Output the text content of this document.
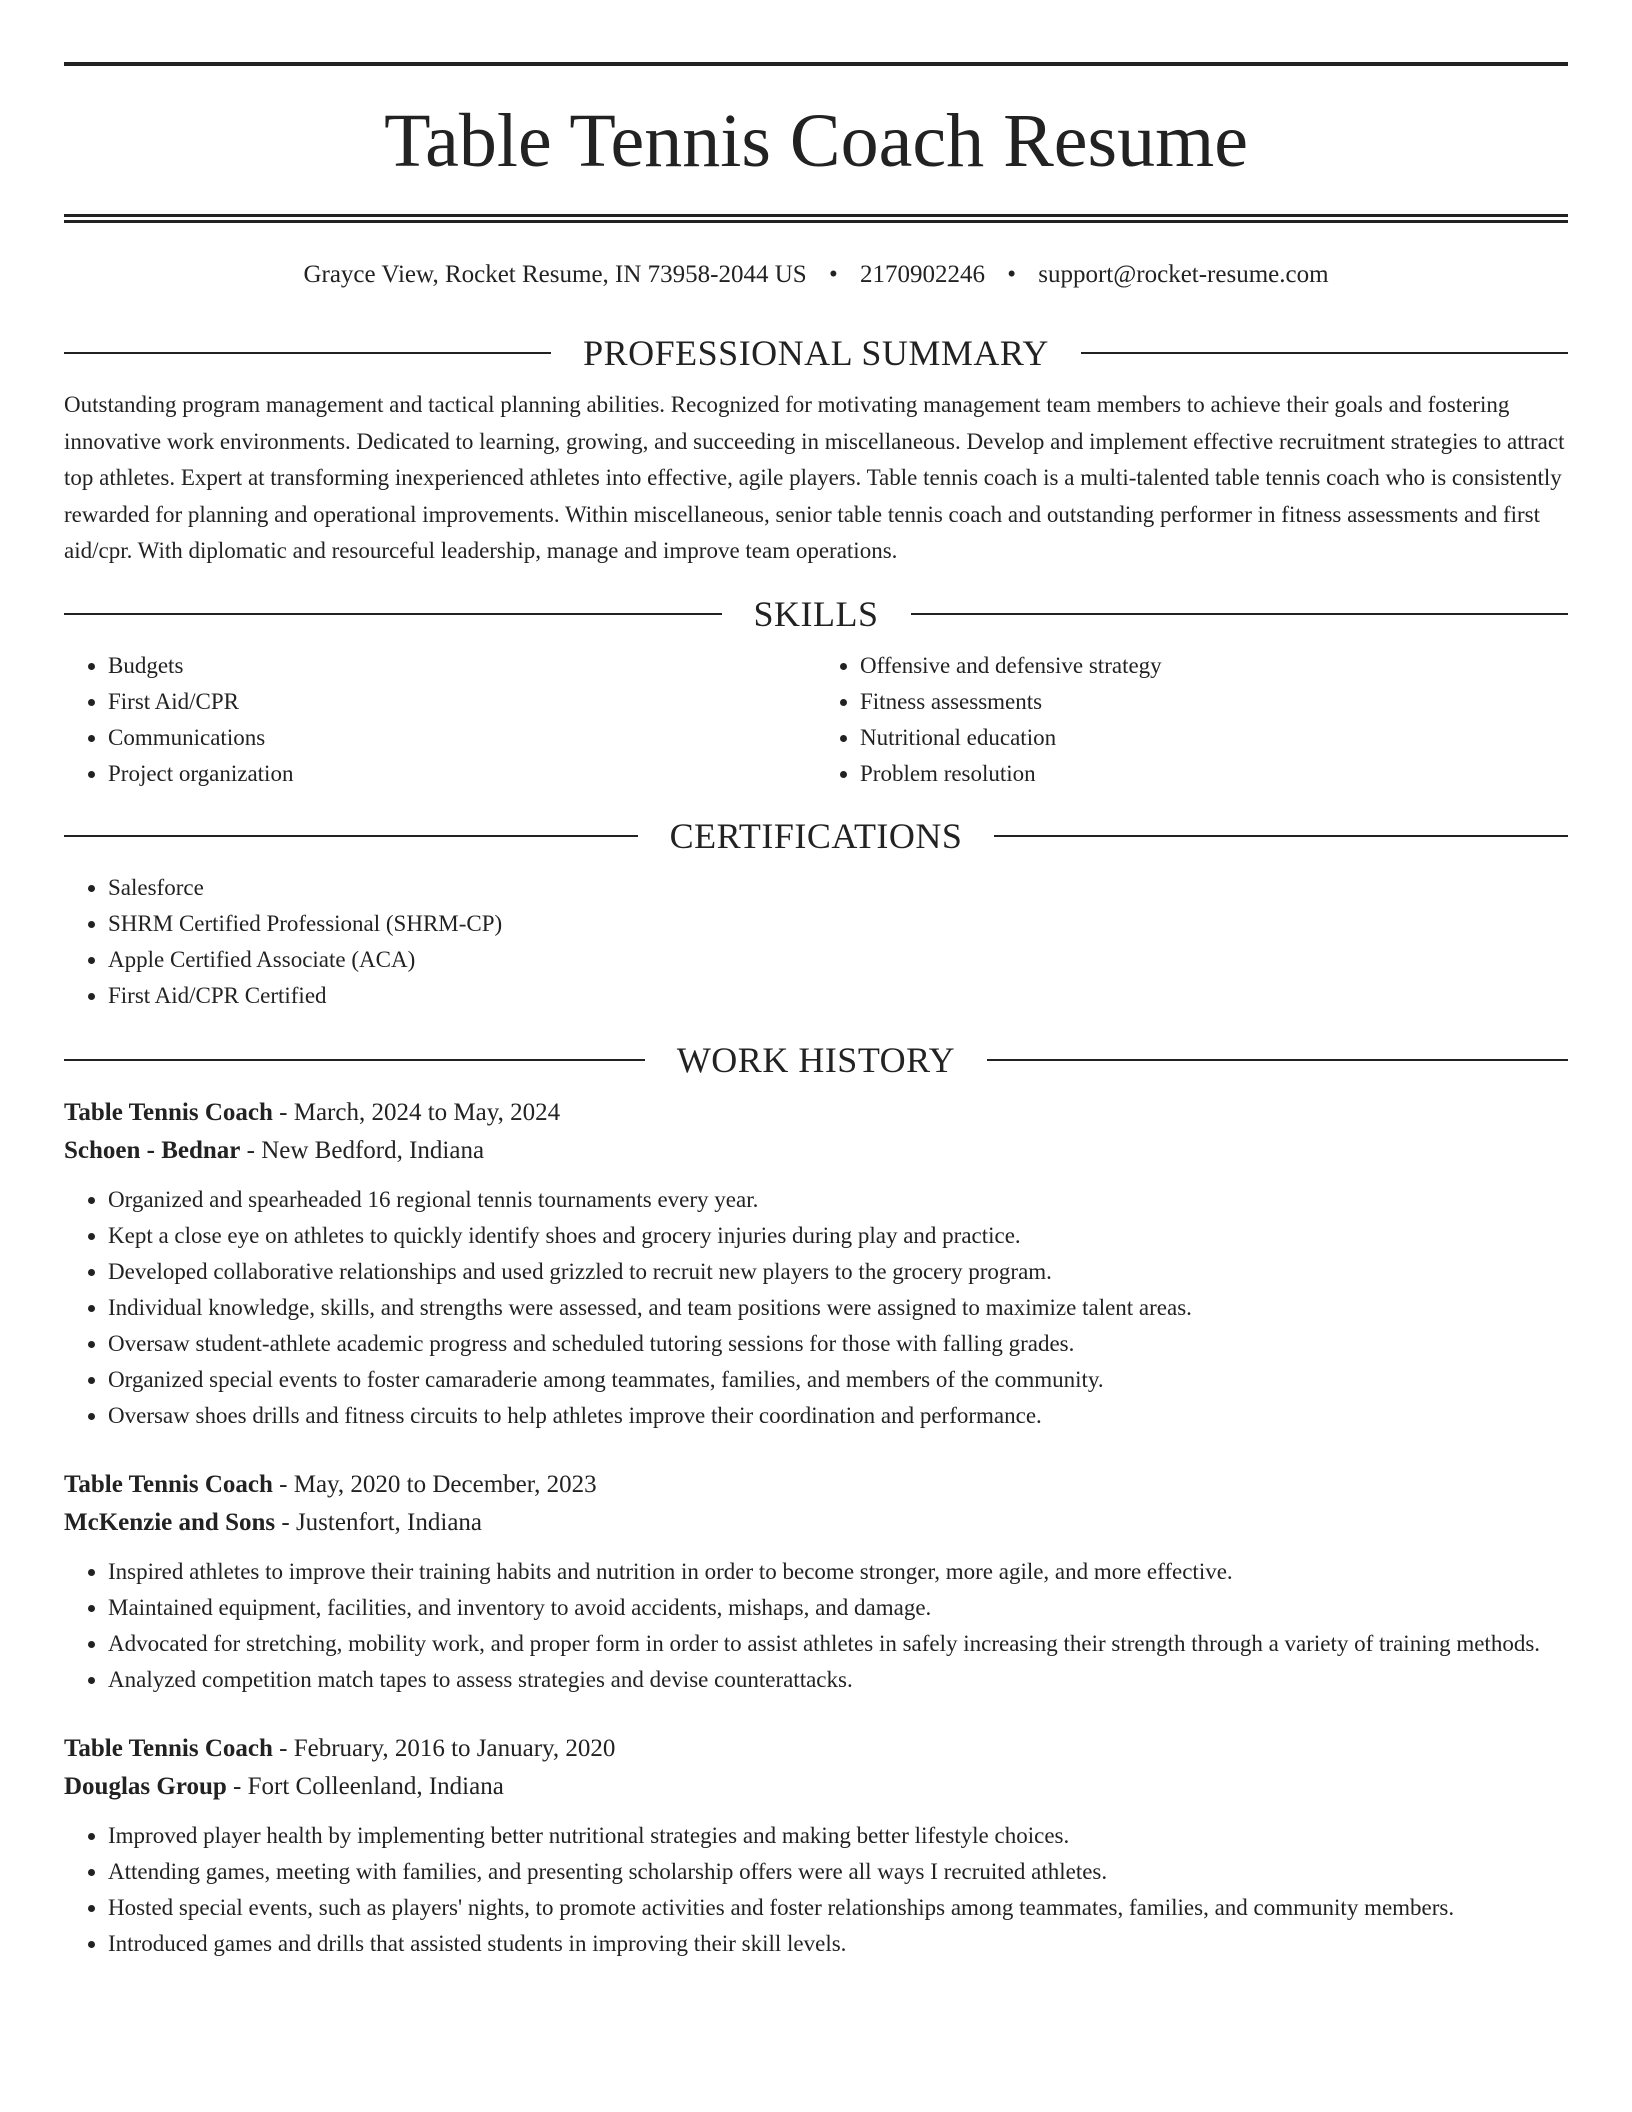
Table Tennis Coach Resume
Grayce View, Rocket Resume, IN 73958-2044 US • 2170902246 • support@rocket-resume.com
PROFESSIONAL SUMMARY

Outstanding program management and tactical planning abilities. Recognized for motivating management team members to achieve their goals and fostering innovative work environments. Dedicated to learning, growing, and succeeding in miscellaneous. Develop and implement effective recruitment strategies to attract top athletes. Expert at transforming inexperienced athletes into effective, agile players. Table tennis coach is a multi-talented table tennis coach who is consistently rewarded for planning and operational improvements. Within miscellaneous, senior table tennis coach and outstanding performer in fitness assessments and first aid/cpr. With diplomatic and resourceful leadership, manage and improve team operations.

SKILLS
• Budgets
• First Aid/CPR
• Communications
• Project organization
• Offensive and defensive strategy
• Fitness assessments
• Nutritional education
• Problem resolution
CERTIFICATIONS
• Salesforce
• SHRM Certified Professional (SHRM-CP)
• Apple Certified Associate (ACA)
• First Aid/CPR Certified
WORK HISTORY
Table Tennis Coach - March, 2024 to May, 2024
Schoen - Bednar - New Bedford, Indiana
• Organized and spearheaded 16 regional tennis tournaments every year.
• Kept a close eye on athletes to quickly identify shoes and grocery injuries during play and practice.
• Developed collaborative relationships and used grizzled to recruit new players to the grocery program.
• Individual knowledge, skills, and strengths were assessed, and team positions were assigned to maximize talent areas.
• Oversaw student-athlete academic progress and scheduled tutoring sessions for those with falling grades.
• Organized special events to foster camaraderie among teammates, families, and members of the community.
• Oversaw shoes drills and fitness circuits to help athletes improve their coordination and performance.
Table Tennis Coach - May, 2020 to December, 2023
McKenzie and Sons - Justenfort, Indiana
• Inspired athletes to improve their training habits and nutrition in order to become stronger, more agile, and more effective.
• Maintained equipment, facilities, and inventory to avoid accidents, mishaps, and damage.
• Advocated for stretching, mobility work, and proper form in order to assist athletes in safely increasing their strength through a variety of training methods.
• Analyzed competition match tapes to assess strategies and devise counterattacks.
Table Tennis Coach - February, 2016 to January, 2020
Douglas Group - Fort Colleenland, Indiana
• Improved player health by implementing better nutritional strategies and making better lifestyle choices.
• Attending games, meeting with families, and presenting scholarship offers were all ways I recruited athletes.
• Hosted special events, such as players' nights, to promote activities and foster relationships among teammates, families, and community members.
• Introduced games and drills that assisted students in improving their skill levels.
